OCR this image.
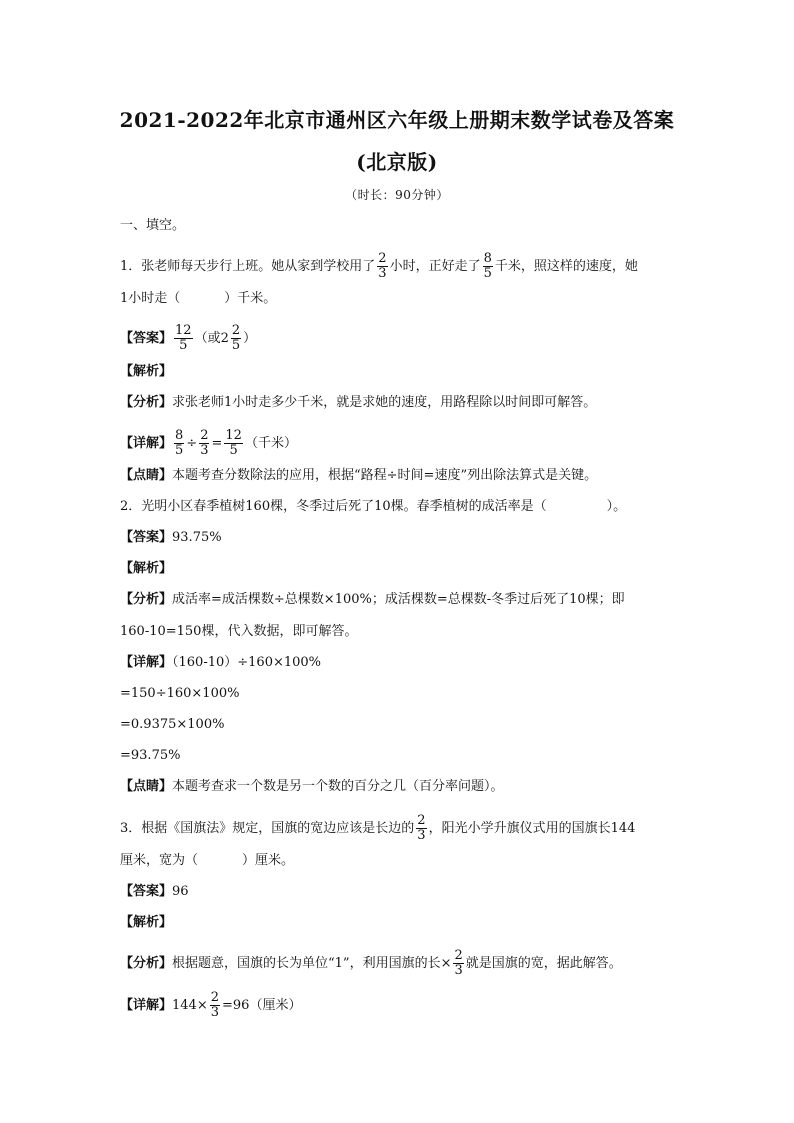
2021-2022年北京市通州区六年级上册期末数学试卷及答案
(北京版)
（时长：90分钟）
一、填空。
1．张老师每天步行上班。她从家到学校用了 $\frac{2}{3}$ 小时，正好走了 $\frac{8}{5}$ 千米，照这样的速度，她
1小时走（	）千米。
【答案】 $\frac{12}{5}$ （或$2 \frac{2}{5}$ ）
【解析】
【分析】求张老师1小时走多少千米，就是求她的速度，用路程除以时间即可解答。
【详解】 $\frac{8}{5} \div \frac{2}{3} = \frac{12}{5}$ （千米）
【点睛】本题考查分数除法的应用，根据“路程÷时间=速度”列出除法算式是关键。
2．光明小区春季植树160棵，冬季过后死了10棵。春季植树的成活率是（	）。
【答案】93.75%
【解析】
【分析】成活率=成活棵数÷总棵数×100%；成活棵数=总棵数-冬季过后死了10棵；即
160-10=150棵，代入数据，即可解答。
【详解】（160-10）÷160×100%
=150÷160×100%
=0.9375×100%
=93.75%
【点睛】本题考查求一个数是另一个数的百分之几（百分率问题）。
3．根据《国旗法》规定，国旗的宽边应该是长边的 $\frac{2}{3}$ ，阳光小学升旗仪式用的国旗长144
厘米，宽为（	）厘米。
【答案】96
【解析】
【分析】根据题意，国旗的长为单位“1”，利用国旗的长× $\frac{2}{3}$ 就是国旗的宽，据此解答。
【详解】$144\times \frac{2}{3} =96$（厘米）
